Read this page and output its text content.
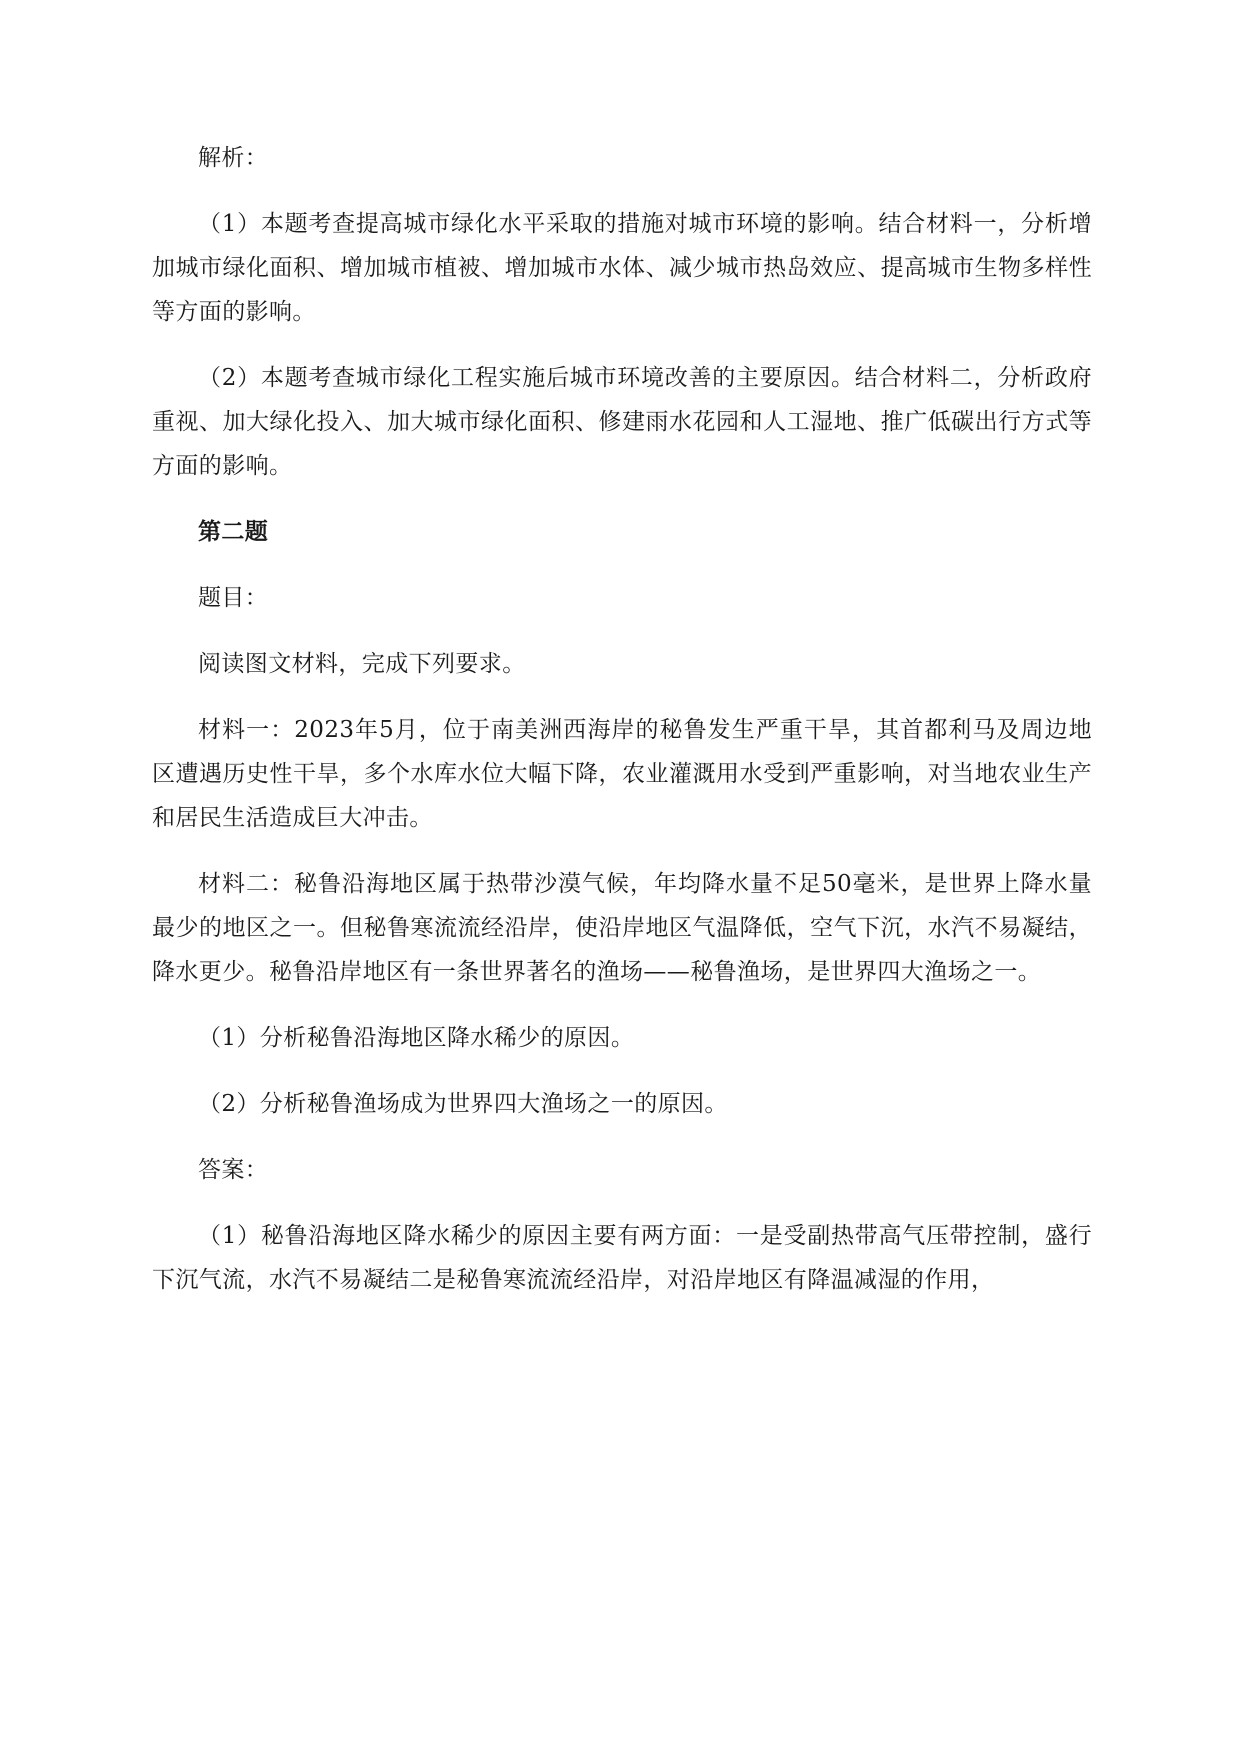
解析：

（1）本题考查提高城市绿化水平采取的措施对城市环境的影响。结合材料一，分析增加城市绿化面积、增加城市植被、增加城市水体、减少城市热岛效应、提高城市生物多样性等方面的影响。

（2）本题考查城市绿化工程实施后城市环境改善的主要原因。结合材料二，分析政府重视、加大绿化投入、加大城市绿化面积、修建雨水花园和人工湿地、推广低碳出行方式等方面的影响。

第二题

题目：

阅读图文材料，完成下列要求。

材料一：2023年5月，位于南美洲西海岸的秘鲁发生严重干旱，其首都利马及周边地区遭遇历史性干旱，多个水库水位大幅下降，农业灌溉用水受到严重影响，对当地农业生产和居民生活造成巨大冲击。

材料二：秘鲁沿海地区属于热带沙漠气候，年均降水量不足50毫米，是世界上降水量最少的地区之一。但秘鲁寒流流经沿岸，使沿岸地区气温降低，空气下沉，水汽不易凝结，降水更少。秘鲁沿岸地区有一条世界著名的渔场——秘鲁渔场，是世界四大渔场之一。

（1）分析秘鲁沿海地区降水稀少的原因。

（2）分析秘鲁渔场成为世界四大渔场之一的原因。

答案：

（1）秘鲁沿海地区降水稀少的原因主要有两方面：一是受副热带高气压带控制，盛行下沉气流，水汽不易凝结二是秘鲁寒流流经沿岸，对沿岸地区有降温减湿的作用，
